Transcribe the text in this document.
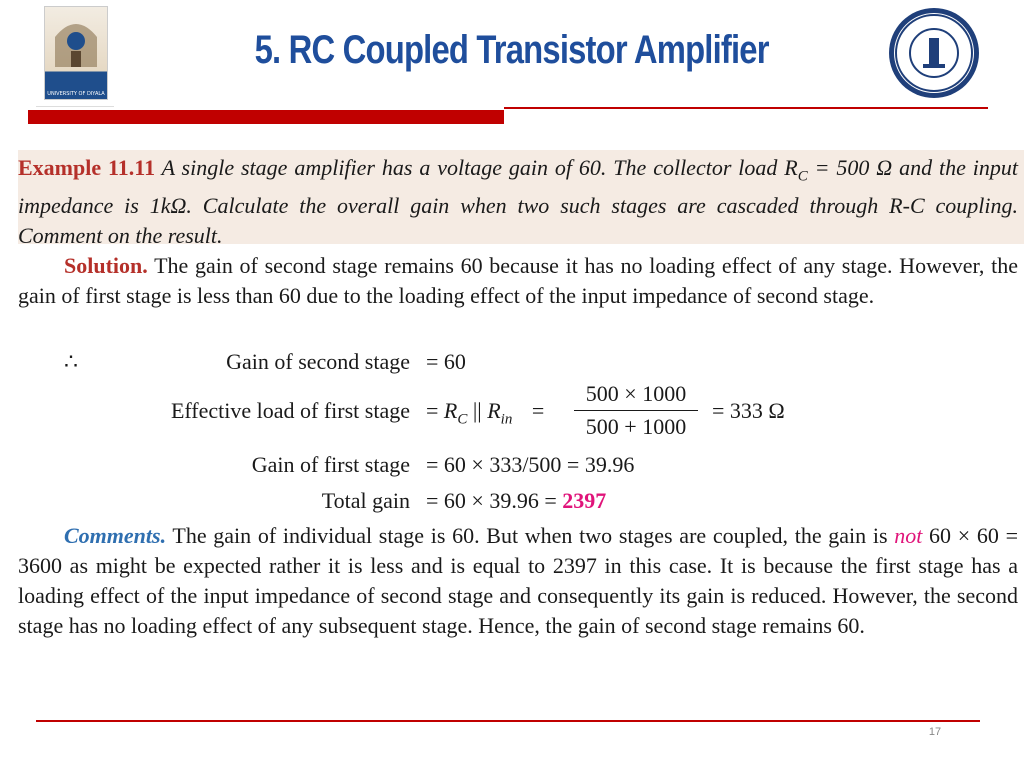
UNIVERSITY OF DIYALA
5. RC Coupled Transistor Amplifier
Example 11.11 A single stage amplifier has a voltage gain of 60. The collector load $R_C = 500$ Ω and the input impedance is 1kΩ. Calculate the overall gain when two such stages are cascaded through R-C coupling. Comment on the result.
Solution. The gain of second stage remains 60 because it has no loading effect of any stage. However, the gain of first stage is less than 60 due to the loading effect of the input impedance of second stage.
∴	Gain of second stage = 60
Effective load of first stage = $R_C$ || $R_{in}$ =
500 × 1000
500 + 1000
= 333 Ω
Gain of first stage = 60 × 333/500 = 39.96
Total gain = 60 × 39.96 = 2397
Comments. The gain of individual stage is 60. But when two stages are coupled, the gain is not 60 × 60 = 3600 as might be expected rather it is less and is equal to 2397 in this case. It is because the first stage has a loading effect of the input impedance of second stage and consequently its gain is reduced. However, the second stage has no loading effect of any subsequent stage. Hence, the gain of second stage remains 60.
17
